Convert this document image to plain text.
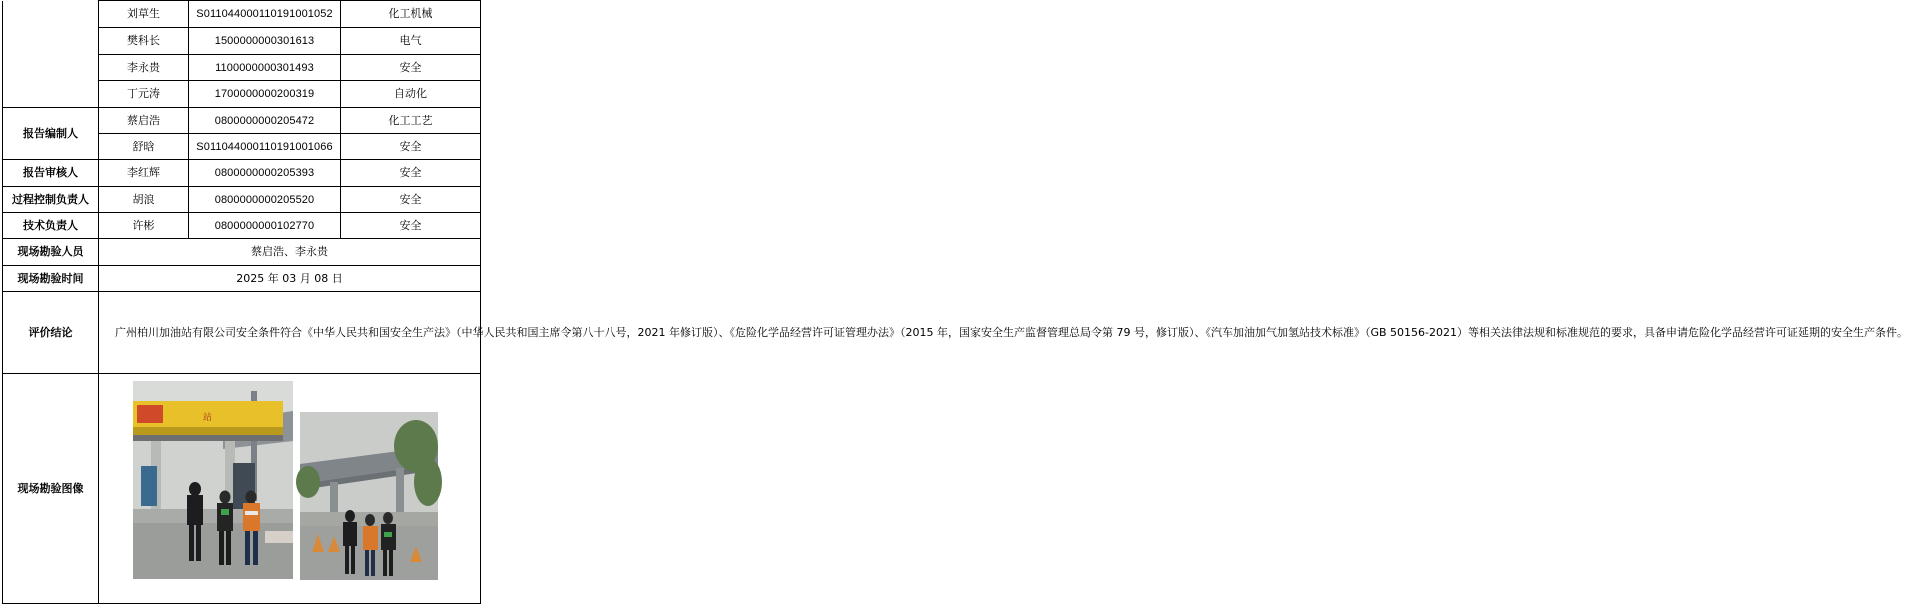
	刘草生	S011044000110191001052	化工机械
	樊科长	1500000000301613	电气
	李永贵	1100000000301493	安全
	丁元涛	1700000000200319	自动化
报告编制人	蔡启浩	0800000000205472	化工工艺
	舒晗	S011044000110191001066	安全
报告审核人	李红辉	0800000000205393	安全
过程控制负责人	胡浪	0800000000205520	安全
技术负责人	许彬	0800000000102770	安全
现场勘验人员	蔡启浩、李永贵		
现场勘验时间	2025 年 03 月 08 日		
评价结论	广州柏川加油站有限公司安全条件符合《中华人民共和国安全生产法》（中华人民共和国主席令第八十八号，2021 年修订版）、《危险化学品经营许可证管理办法》（2015 年，国家安全生产监督管理总局令第 79 号，修订版）、《汽车加油加气加氢站技术标准》（GB 50156-2021）等相关法律法规和标准规范的要求，具备申请危险化学品经营许可证延期的安全生产条件。		
现场勘验图像	站		
